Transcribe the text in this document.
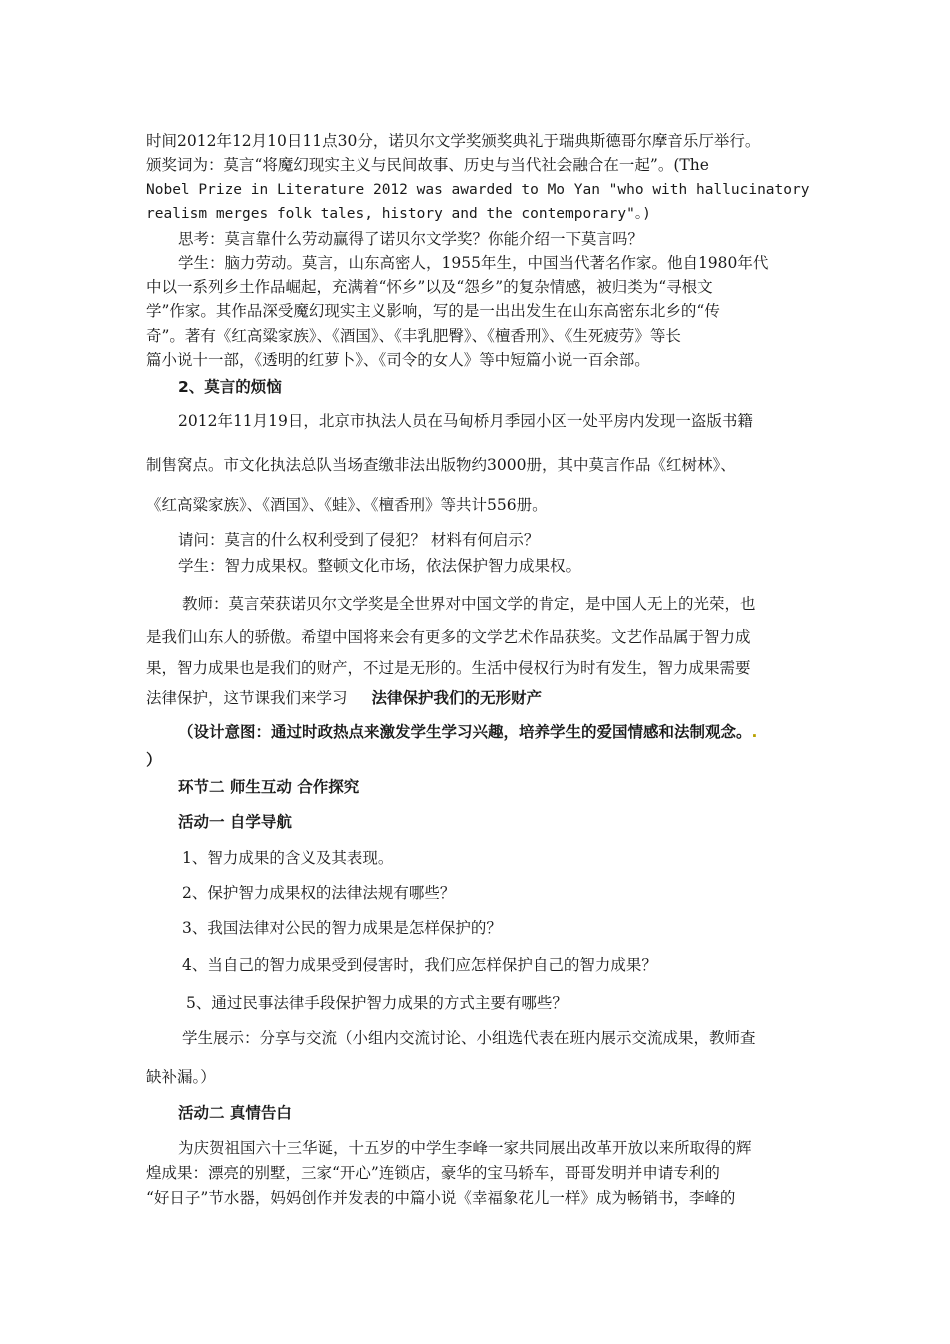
时间2012年12月10日11点30分，诺贝尔文学奖颁奖典礼于瑞典斯德哥尔摩音乐厅举行。
颁奖词为：莫言“将魔幻现实主义与民间故事、历史与当代社会融合在一起”。(The
Nobel Prize in Literature 2012 was awarded to Mo Yan "who with hallucinatory
realism merges folk tales, history and the contemporary"。)
思考：莫言靠什么劳动赢得了诺贝尔文学奖？你能介绍一下莫言吗？
学生：脑力劳动。莫言，山东高密人，1955年生，中国当代著名作家。他自1980年代
中以一系列乡土作品崛起，充满着“怀乡”以及“怨乡”的复杂情感，被归类为“寻根文
学”作家。其作品深受魔幻现实主义影响，写的是一出出发生在山东高密东北乡的“传
奇”。著有《红高粱家族》、《酒国》、《丰乳肥臀》、《檀香刑》、《生死疲劳》等长
篇小说十一部，《透明的红萝卜》、《司令的女人》等中短篇小说一百余部。
2、莫言的烦恼
2012年11月19日，北京市执法人员在马甸桥月季园小区一处平房内发现一盗版书籍
制售窝点。市文化执法总队当场查缴非法出版物约3000册，其中莫言作品《红树林》、
《红高粱家族》、《酒国》、《蛙》、《檀香刑》等共计556册。
请问：莫言的什么权利受到了侵犯？ 材料有何启示？
学生：智力成果权。整顿文化市场，依法保护智力成果权。
教师：莫言荣获诺贝尔文学奖是全世界对中国文学的肯定，是中国人无上的光荣，也
是我们山东人的骄傲。希望中国将来会有更多的文学艺术作品获奖。文艺作品属于智力成
果，智力成果也是我们的财产，不过是无形的。生活中侵权行为时有发生，智力成果需要
法律保护，这节课我们来学习 法律保护我们的无形财产
（设计意图：通过时政热点来激发学生学习兴趣，培养学生的爱国情感和法制观念。.
）
环节二 师生互动 合作探究
活动一 自学导航
1、智力成果的含义及其表现。
2、保护智力成果权的法律法规有哪些？
3、我国法律对公民的智力成果是怎样保护的？
4、当自己的智力成果受到侵害时，我们应怎样保护自己的智力成果？
5、通过民事法律手段保护智力成果的方式主要有哪些？
学生展示：分享与交流（小组内交流讨论、小组选代表在班内展示交流成果，教师查
缺补漏。）
活动二 真情告白
为庆贺祖国六十三华诞，十五岁的中学生李峰一家共同展出改革开放以来所取得的辉
煌成果：漂亮的别墅，三家“开心”连锁店，豪华的宝马轿车，哥哥发明并申请专利的
“好日子”节水器，妈妈创作并发表的中篇小说《幸福象花儿一样》成为畅销书，李峰的
